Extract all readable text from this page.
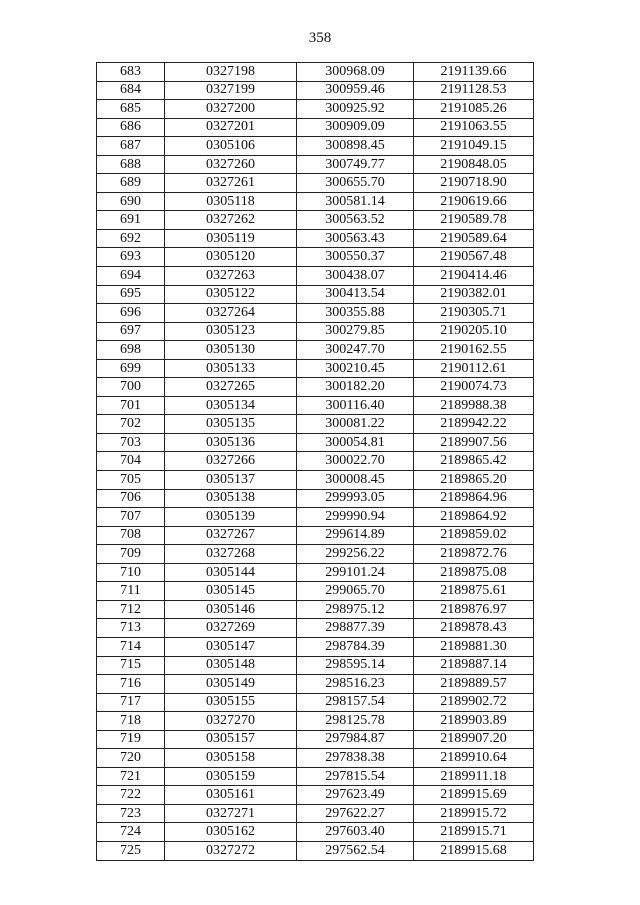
358
683	0327198	300968.09	2191139.66
684	0327199	300959.46	2191128.53
685	0327200	300925.92	2191085.26
686	0327201	300909.09	2191063.55
687	0305106	300898.45	2191049.15
688	0327260	300749.77	2190848.05
689	0327261	300655.70	2190718.90
690	0305118	300581.14	2190619.66
691	0327262	300563.52	2190589.78
692	0305119	300563.43	2190589.64
693	0305120	300550.37	2190567.48
694	0327263	300438.07	2190414.46
695	0305122	300413.54	2190382.01
696	0327264	300355.88	2190305.71
697	0305123	300279.85	2190205.10
698	0305130	300247.70	2190162.55
699	0305133	300210.45	2190112.61
700	0327265	300182.20	2190074.73
701	0305134	300116.40	2189988.38
702	0305135	300081.22	2189942.22
703	0305136	300054.81	2189907.56
704	0327266	300022.70	2189865.42
705	0305137	300008.45	2189865.20
706	0305138	299993.05	2189864.96
707	0305139	299990.94	2189864.92
708	0327267	299614.89	2189859.02
709	0327268	299256.22	2189872.76
710	0305144	299101.24	2189875.08
711	0305145	299065.70	2189875.61
712	0305146	298975.12	2189876.97
713	0327269	298877.39	2189878.43
714	0305147	298784.39	2189881.30
715	0305148	298595.14	2189887.14
716	0305149	298516.23	2189889.57
717	0305155	298157.54	2189902.72
718	0327270	298125.78	2189903.89
719	0305157	297984.87	2189907.20
720	0305158	297838.38	2189910.64
721	0305159	297815.54	2189911.18
722	0305161	297623.49	2189915.69
723	0327271	297622.27	2189915.72
724	0305162	297603.40	2189915.71
725	0327272	297562.54	2189915.68
